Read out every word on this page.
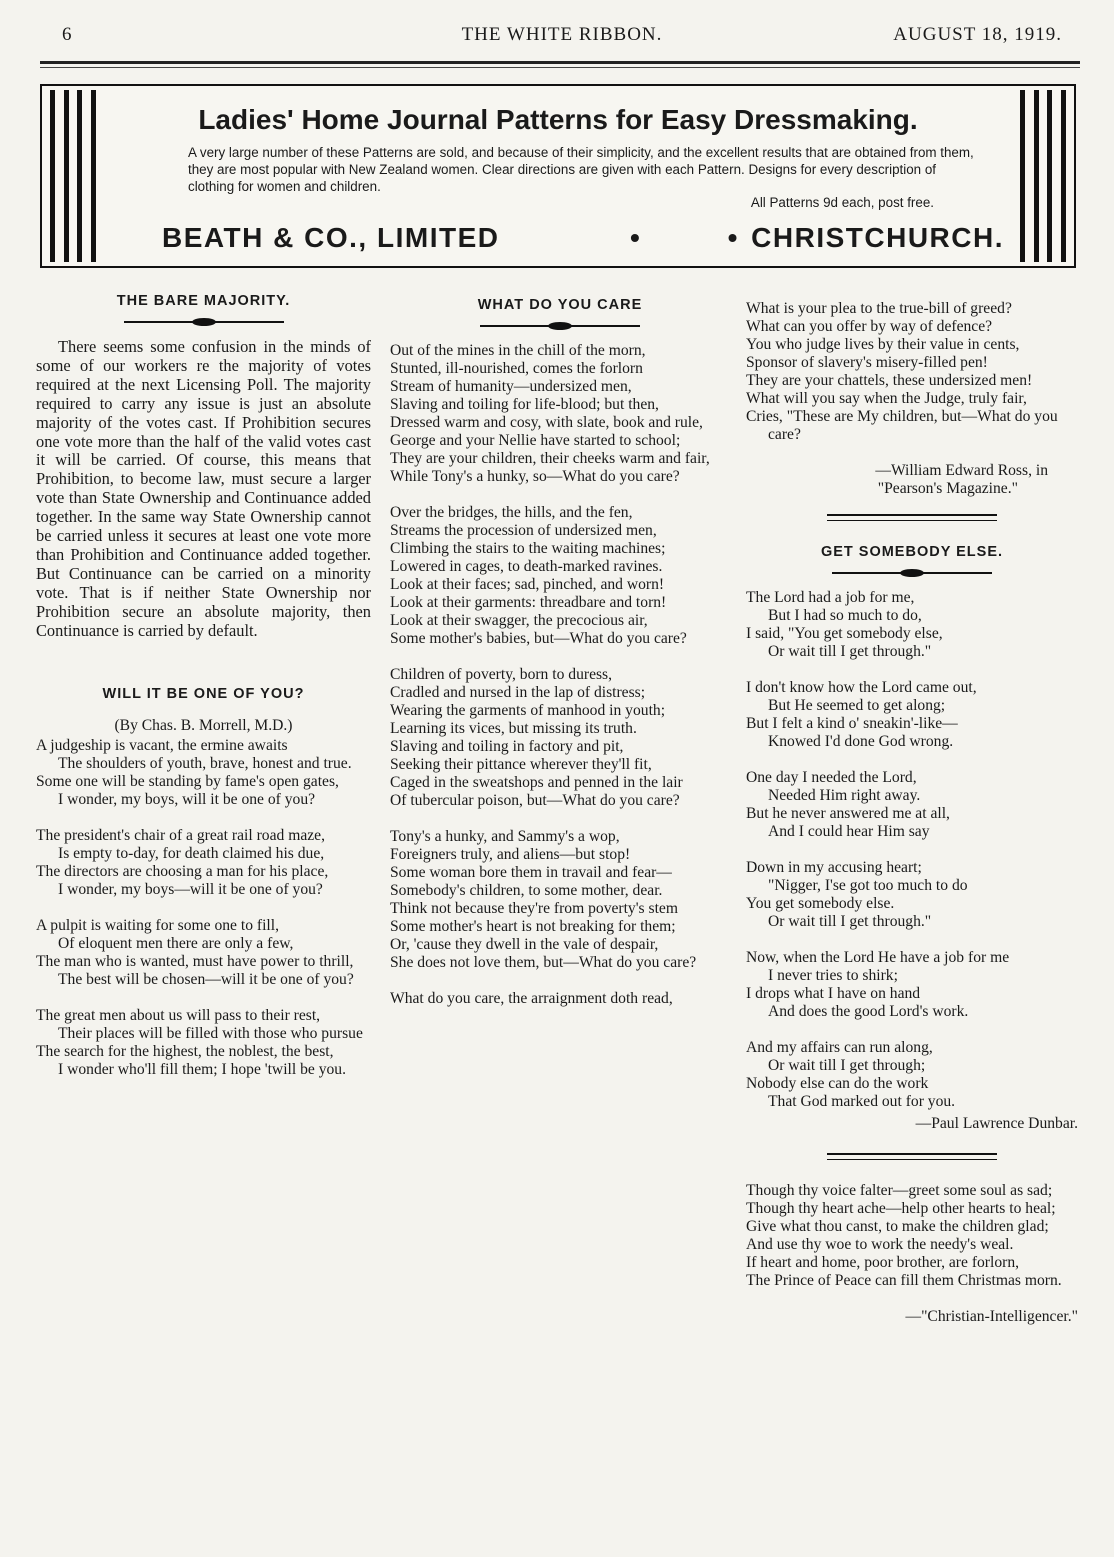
6	THE WHITE RIBBON.	AUGUST 18, 1919.
Ladies' Home Journal Patterns for Easy Dressmaking.
A very large number of these Patterns are sold, and because of their simplicity, and the excellent results that are obtained from them, they are most popular with New Zealand women. Clear directions are given with each Pattern. Designs for every description of clothing for women and children.
All Patterns 9d each, post free.
BEATH & CO., LIMITED	• •
CHRISTCHURCH.
THE BARE MAJORITY.

There seems some confusion in the minds of some of our workers re the majority of votes required at the next Licensing Poll. The majority required to carry any issue is just an absolute majority of the votes cast. If Prohibition secures one vote more than the half of the valid votes cast it will be carried. Of course, this means that Prohibition, to become law, must secure a larger vote than State Ownership and Continuance added together. In the same way State Ownership cannot be carried unless it secures at least one vote more than Prohibition and Continuance added together. But Continuance can be carried on a minority vote. That is if neither State Ownership nor Prohibition secure an absolute majority, then Continuance is carried by default.

WILL IT BE ONE OF YOU?

(By Chas. B. Morrell, M.D.)

A judgeship is vacant, the ermine awaits

The shoulders of youth, brave, honest and true.

Some one will be standing by fame's open gates,

I wonder, my boys, will it be one of you?

The president's chair of a great rail road maze,

Is empty to-day, for death claimed his due,

The directors are choosing a man for his place,

I wonder, my boys—will it be one of you?

A pulpit is waiting for some one to fill,

Of eloquent men there are only a few,

The man who is wanted, must have power to thrill,

The best will be chosen—will it be one of you?

The great men about us will pass to their rest,

Their places will be filled with those who pursue

The search for the highest, the noblest, the best,

I wonder who'll fill them; I hope 'twill be you.

WHAT DO YOU CARE

Out of the mines in the chill of the morn,

Stunted, ill-nourished, comes the forlorn

Stream of humanity—undersized men,

Slaving and toiling for life-blood; but then,

Dressed warm and cosy, with slate, book and rule,

George and your Nellie have started to school;

They are your children, their cheeks warm and fair,

While Tony's a hunky, so—What do you care?

Over the bridges, the hills, and the fen,

Streams the procession of undersized men,

Climbing the stairs to the waiting machines;

Lowered in cages, to death-marked ravines.

Look at their faces; sad, pinched, and worn!

Look at their garments: threadbare and torn!

Look at their swagger, the precocious air,

Some mother's babies, but—What do you care?

Children of poverty, born to duress,

Cradled and nursed in the lap of distress;

Wearing the garments of manhood in youth;

Learning its vices, but missing its truth.

Slaving and toiling in factory and pit,

Seeking their pittance wherever they'll fit,

Caged in the sweatshops and penned in the lair

Of tubercular poison, but—What do you care?

Tony's a hunky, and Sammy's a wop,

Foreigners truly, and aliens—but stop!

Some woman bore them in travail and fear—

Somebody's children, to some mother, dear.

Think not because they're from poverty's stem

Some mother's heart is not breaking for them;

Or, 'cause they dwell in the vale of despair,

She does not love them, but—What do you care?

What do you care, the arraignment doth read,

What is your plea to the true-bill of greed?

What can you offer by way of defence?

You who judge lives by their value in cents,

Sponsor of slavery's misery-filled pen!

They are your chattels, these undersized men!

What will you say when the Judge, truly fair,

Cries, "These are My children, but—What do you care?

—William Edward Ross, in

"Pearson's Magazine."

GET SOMEBODY ELSE.

The Lord had a job for me,

But I had so much to do,

I said, "You get somebody else,

Or wait till I get through."

I don't know how the Lord came out,

But He seemed to get along;

But I felt a kind o' sneakin'-like—

Knowed I'd done God wrong.

One day I needed the Lord,

Needed Him right away.

But he never answered me at all,

And I could hear Him say

Down in my accusing heart;

"Nigger, I'se got too much to do

You get somebody else.

Or wait till I get through."

Now, when the Lord He have a job for me

I never tries to shirk;

I drops what I have on hand

And does the good Lord's work.

And my affairs can run along,

Or wait till I get through;

Nobody else can do the work

That God marked out for you.

—Paul Lawrence Dunbar.

Though thy voice falter—greet some soul as sad;

Though thy heart ache—help other hearts to heal;

Give what thou canst, to make the children glad;

And use thy woe to work the needy's weal.

If heart and home, poor brother, are forlorn,

The Prince of Peace can fill them Christmas morn.

—"Christian-Intelligencer."
